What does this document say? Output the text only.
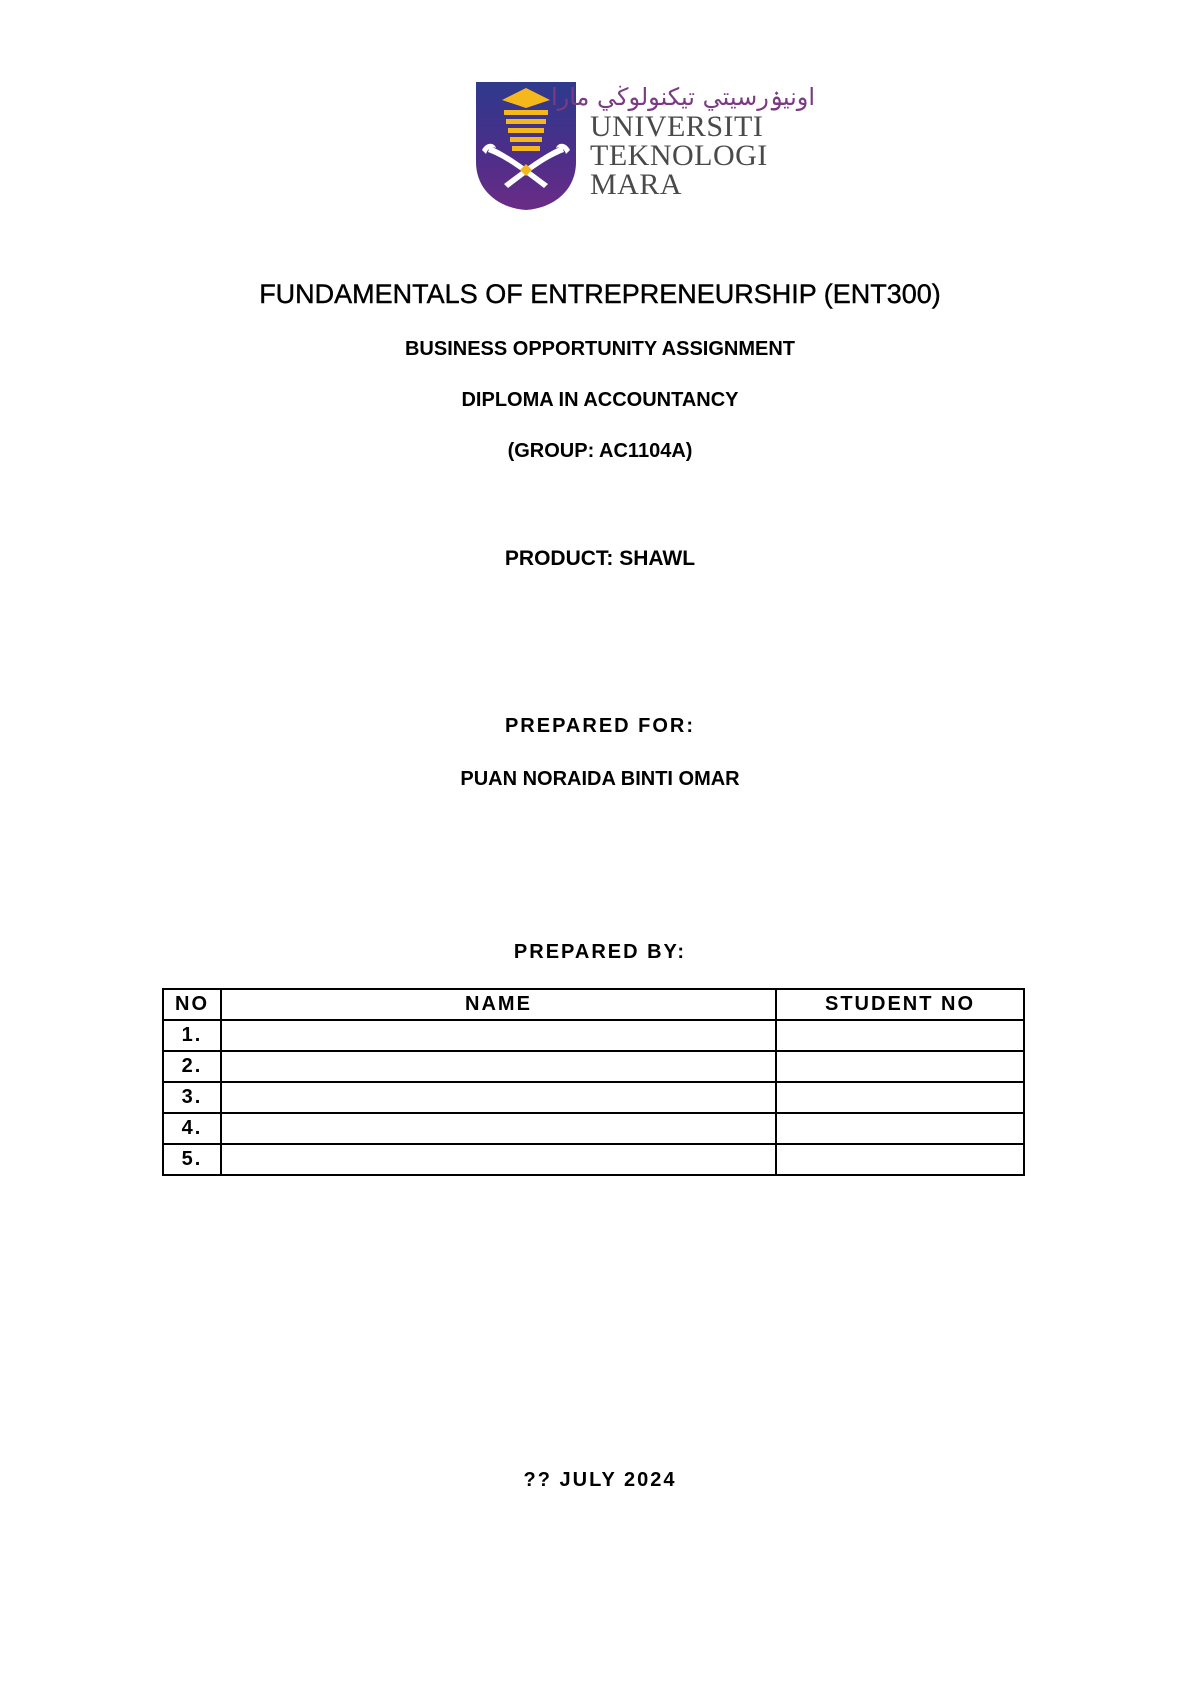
اونيۏرسيتي تيكنولوڬي مارا
UNIVERSITI
TEKNOLOGI
MARA
FUNDAMENTALS OF ENTREPRENEURSHIP (ENT300)
BUSINESS OPPORTUNITY ASSIGNMENT
DIPLOMA IN ACCOUNTANCY
(GROUP: AC1104A)
PRODUCT: SHAWL
PREPARED FOR:
PUAN NORAIDA BINTI OMAR
PREPARED BY:
NO	NAME	STUDENT NO
1.		
2.		
3.		
4.		
5.		
?? JULY 2024
